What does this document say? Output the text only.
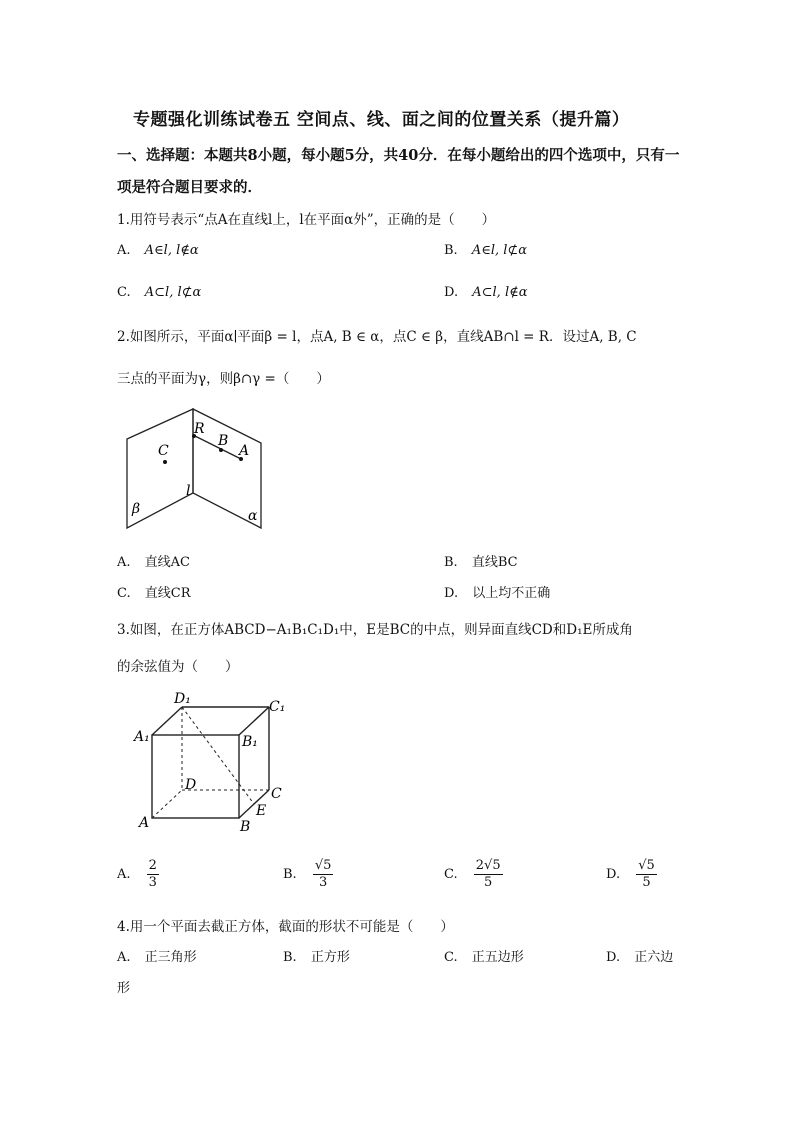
专题强化训练试卷五 空间点、线、面之间的位置关系（提升篇）
一、选择题：本题共8小题，每小题5分，共40分．在每小题给出的四个选项中，只有一
项是符合题目要求的．
1.用符号表示“点A在直线l上，l在平面α外”，正确的是（　　）
A. A∈l, l∉α	B. A∈l, l⊄α
C. A⊂l, l⊄α	D. A⊂l, l∉α
2.如图所示，平面α∣平面β = l，点A, B ∈ α，点C ∈ β，直线AB∩l = R．设过A, B, C
三点的平面为γ，则β∩γ =（　　）
C
R
B
A
l
β	α
A. 直线AC	B. 直线BC
C. 直线CR	D. 以上均不正确
3.如图，在正方体ABCD−A₁B₁C₁D₁中，E是BC的中点，则异面直线CD和D₁E所成角
的余弦值为（　　）
D₁	C₁
A₁	B₁
D
C
E
A	B
A. $\frac{2}{3}$	B. $\frac{√5}{3}$	C. $\frac{2√5}{5}$	D. $\frac{√5}{5}$
4.用一个平面去截正方体，截面的形状不可能是（　　）
A. 正三角形	B. 正方形	C. 正五边形	D. 正六边
形
